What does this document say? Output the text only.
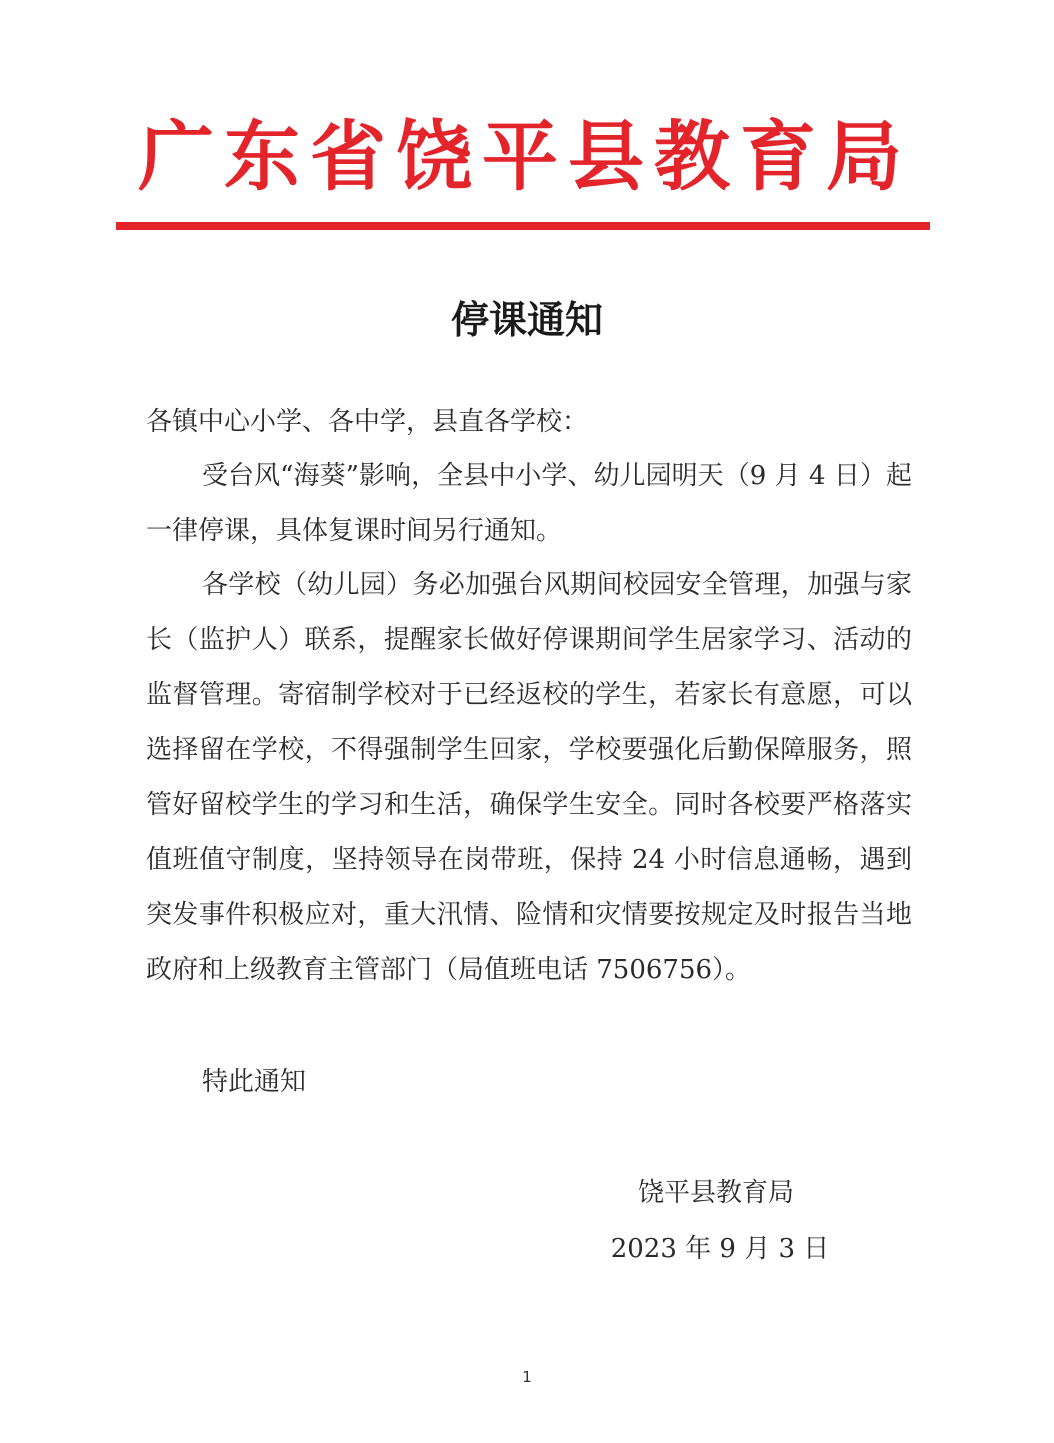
广东省饶平县教育局
停课通知
各镇中心小学、各中学，县直各学校：
受台风“海葵”影响，全县中小学、幼儿园明天（9 月 4 日）起一律停课，具体复课时间另行通知。
各学校（幼儿园）务必加强台风期间校园安全管理，加强与家长（监护人）联系，提醒家长做好停课期间学生居家学习、活动的监督管理。寄宿制学校对于已经返校的学生，若家长有意愿，可以选择留在学校，不得强制学生回家，学校要强化后勤保障服务，照管好留校学生的学习和生活，确保学生安全。同时各校要严格落实值班值守制度，坚持领导在岗带班，保持 24 小时信息通畅，遇到突发事件积极应对，重大汛情、险情和灾情要按规定及时报告当地政府和上级教育主管部门（局值班电话 7506756）。
特此通知
饶平县教育局
2023 年 9 月 3 日
1
